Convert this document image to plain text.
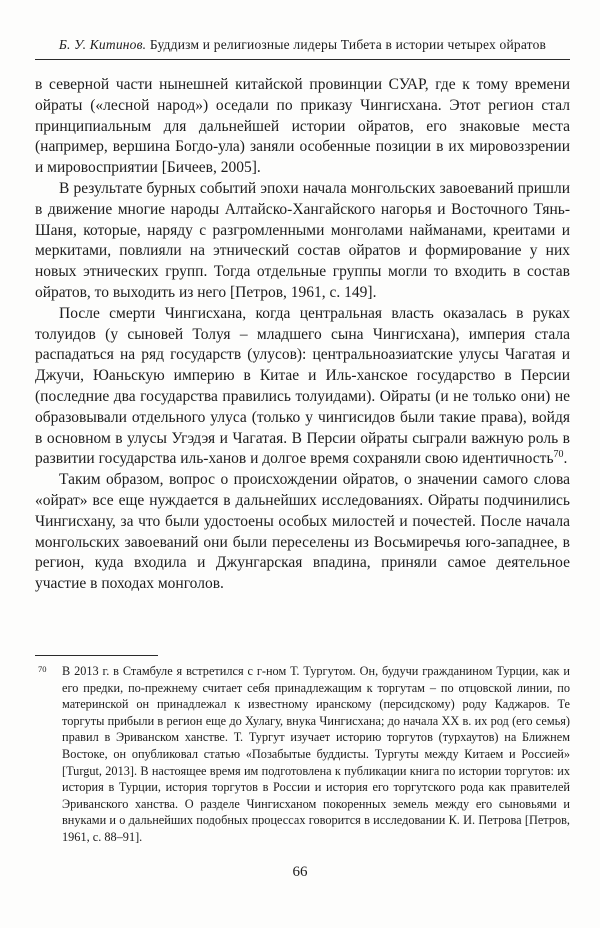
Б. У. Китинов. Буддизм и религиозные лидеры Тибета в истории четырех ойратов

в северной части нынешней китайской провинции СУАР, где к тому времени ойраты («лесной народ») оседали по приказу Чингисхана. Этот регион стал принципиальным для дальнейшей истории ойратов, его знаковые места (например, вершина Богдо-ула) заняли особенные позиции в их мировоззрении и мировосприятии [Бичеев, 2005].

В результате бурных событий эпохи начала монгольских завоеваний пришли в движение многие народы Алтайско-Хангайского нагорья и Восточного Тянь-Шаня, которые, наряду с разгромленными монголами найманами, креитами и меркитами, повлияли на этнический состав ойратов и формирование у них новых этнических групп. Тогда отдельные группы могли то входить в состав ойратов, то выходить из него [Петров, 1961, с. 149].

После смерти Чингисхана, когда центральная власть оказалась в руках толуидов (у сыновей Толуя – младшего сына Чингисхана), империя стала распадаться на ряд государств (улусов): центральноазиатские улусы Чагатая и Джучи, Юаньскую империю в Китае и Иль-ханское государство в Персии (последние два государства правились толуидами). Ойраты (и не только они) не образовывали отдельного улуса (только у чингисидов были такие права), войдя в основном в улусы Угэдэя и Чагатая. В Персии ойраты сыграли важную роль в развитии государства иль-ханов и долгое время сохраняли свою идентичность$^{70}$.

Таким образом, вопрос о происхождении ойратов, о значении самого слова «ойрат» все еще нуждается в дальнейших исследованиях. Ойраты подчинились Чингисхану, за что были удостоены особых милостей и почестей. После начала монгольских завоеваний они были переселены из Восьмиречья юго-западнее, в регион, куда входила и Джунгарская впадина, приняли самое деятельное участие в походах монголов.

70 В 2013 г. в Стамбуле я встретился с г-ном Т. Тургутом. Он, будучи гражданином Турции, как и его предки, по-прежнему считает себя принадлежащим к торгутам – по отцовской линии, по материнской он принадлежал к известному иранскому (персидскому) роду Каджаров. Те торгуты прибыли в регион еще до Хулагу, внука Чингисхана; до начала XX в. их род (его семья) правил в Эриванском ханстве. Т. Тургут изучает историю торгутов (турхаутов) на Ближнем Востоке, он опубликовал статью «Позабытые буддисты. Тургуты между Китаем и Россией» [Turgut, 2013]. В настоящее время им подготовлена к публикации книга по истории торгутов: их история в Турции, история торгутов в России и история его торгутского рода как правителей Эриванского ханства. О разделе Чингисханом покоренных земель между его сыновьями и внуками и о дальнейших подобных процессах говорится в исследовании К. И. Петрова [Петров, 1961, с. 88–91].
66
